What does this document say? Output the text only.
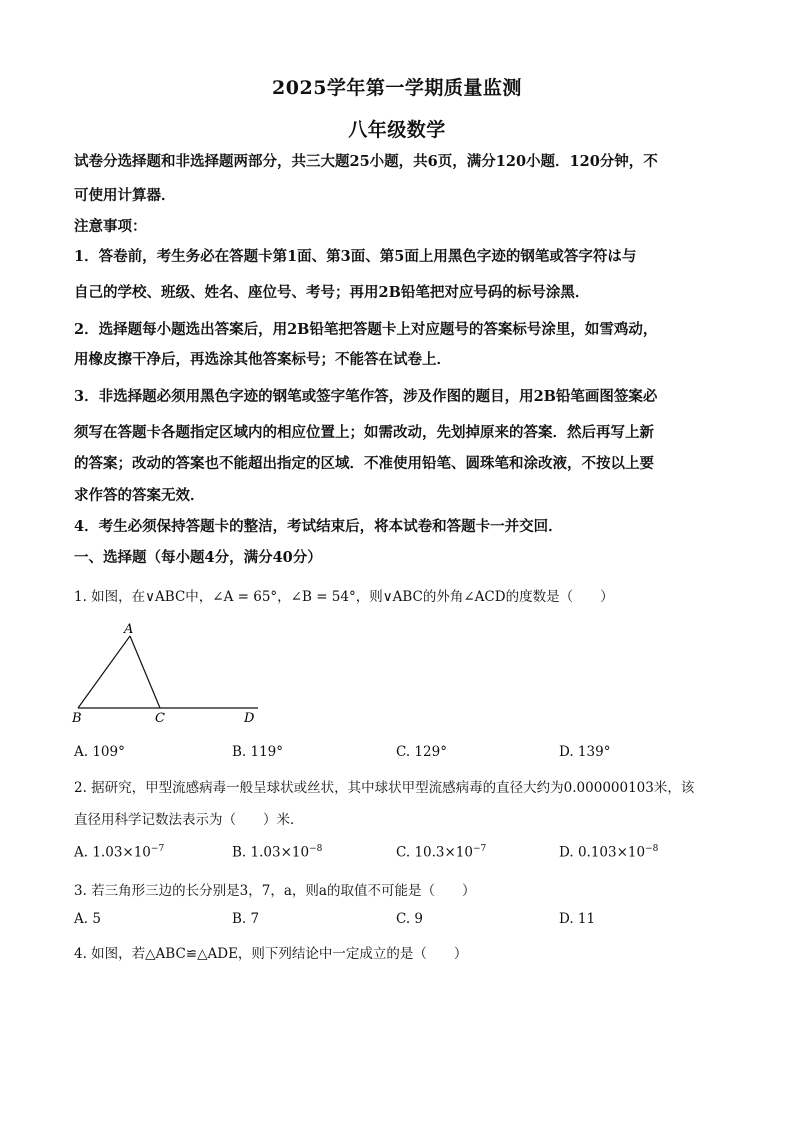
2025学年第一学期质量监测
八年级数学
试卷分选择题和非选择题两部分，共三大题25小题，共6页，满分120小题．120分钟，不
可使用计算器．
注意事项：
1．答卷前，考生务必在答题卡第1面、第3面、第5面上用黑色字迹的钢笔或答字符は与
自己的学校、班级、姓名、座位号、考号；再用2B铅笔把对应号码的标号涂黑．
2．选择题每小题选出答案后，用2B铅笔把答题卡上对应题号的答案标号涂里，如雪鸡动，
用橡皮擦干净后，再选涂其他答案标号；不能答在试卷上．
3．非选择题必须用黑色字迹的钢笔或签字笔作答，涉及作图的题目，用2B铅笔画图签案必
须写在答题卡各题指定区域内的相应位置上；如需改动，先划掉原来的答案．然后再写上新
的答案；改动的答案也不能超出指定的区域．不准使用铅笔、圆珠笔和涂改液，不按以上要
求作答的答案无效．
4．考生必须保持答题卡的整洁，考试结束后，将本试卷和答题卡一并交回．
一、选择题（每小题4分，满分40分）
1. 如图，在∨ABC中，∠A = 65°，∠B = 54°，则∨ABC的外角∠ACD的度数是（　　）
A
B	C	D
A. 109°	B. 119°	C. 129°	D. 139°
2. 据研究，甲型流感病毒一般呈球状或丝状，其中球状甲型流感病毒的直径大约为0.000000103米，该
直径用科学记数法表示为（　　）米．
A. $1.03\times 10^{-7}$	B. $1.03\times 10^{-8}$	C. $10.3\times 10^{-7}$	D. $0.103\times 10^{-8}$
3. 若三角形三边的长分别是3，7，a，则a的取值不可能是（　　）
A. 5	B. 7	C. 9	D. 11
4. 如图，若△ABC≌△ADE，则下列结论中一定成立的是（　　）
